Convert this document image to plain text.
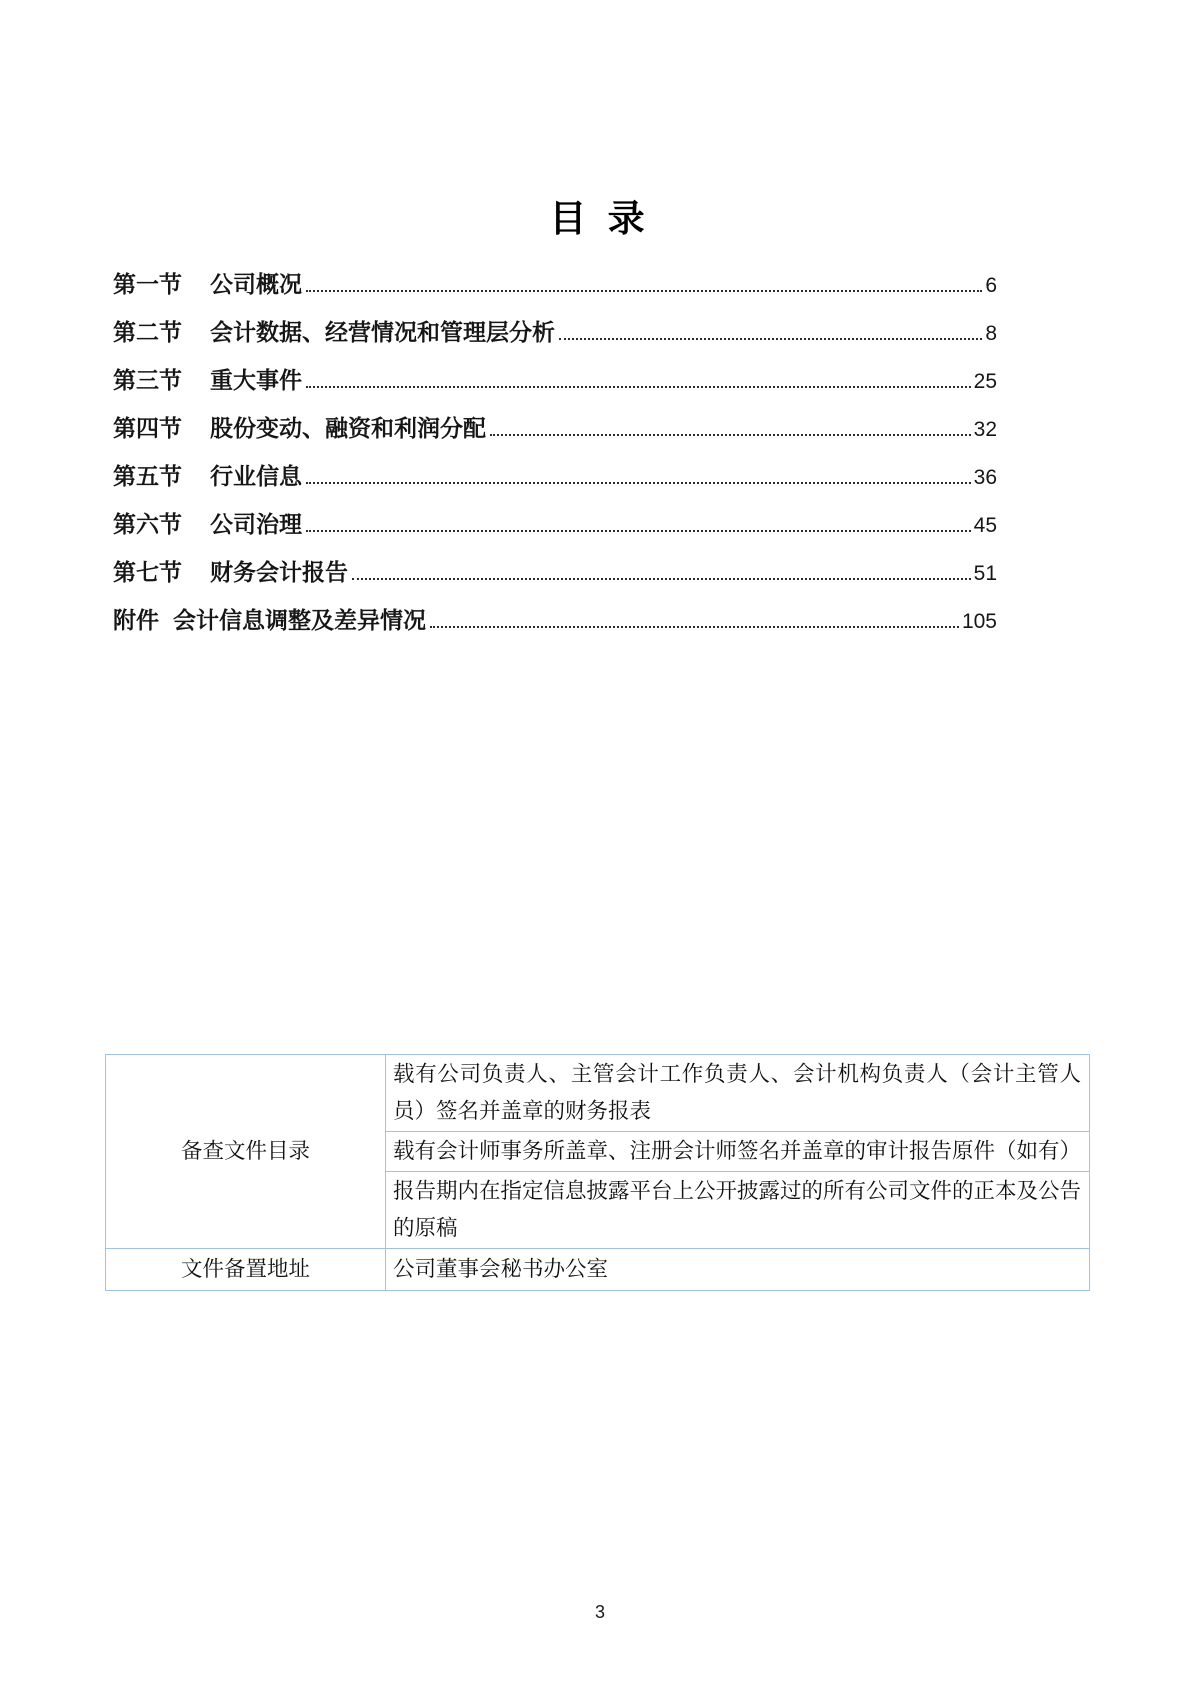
目 录
第一节	公司概况	6
第二节	会计数据、经营情况和管理层分析	8
第三节	重大事件	25
第四节	股份变动、融资和利润分配	32
第五节	行业信息	36
第六节	公司治理	45
第七节	财务会计报告	51
附件 会计信息调整及差异情况	105
备查文件目录	载有公司负责人、主管会计工作负责人、会计机构负责人（会计主管人员）签名并盖章的财务报表
	载有会计师事务所盖章、注册会计师签名并盖章的审计报告原件（如有）
	报告期内在指定信息披露平台上公开披露过的所有公司文件的正本及公告的原稿
文件备置地址	公司董事会秘书办公室
3
